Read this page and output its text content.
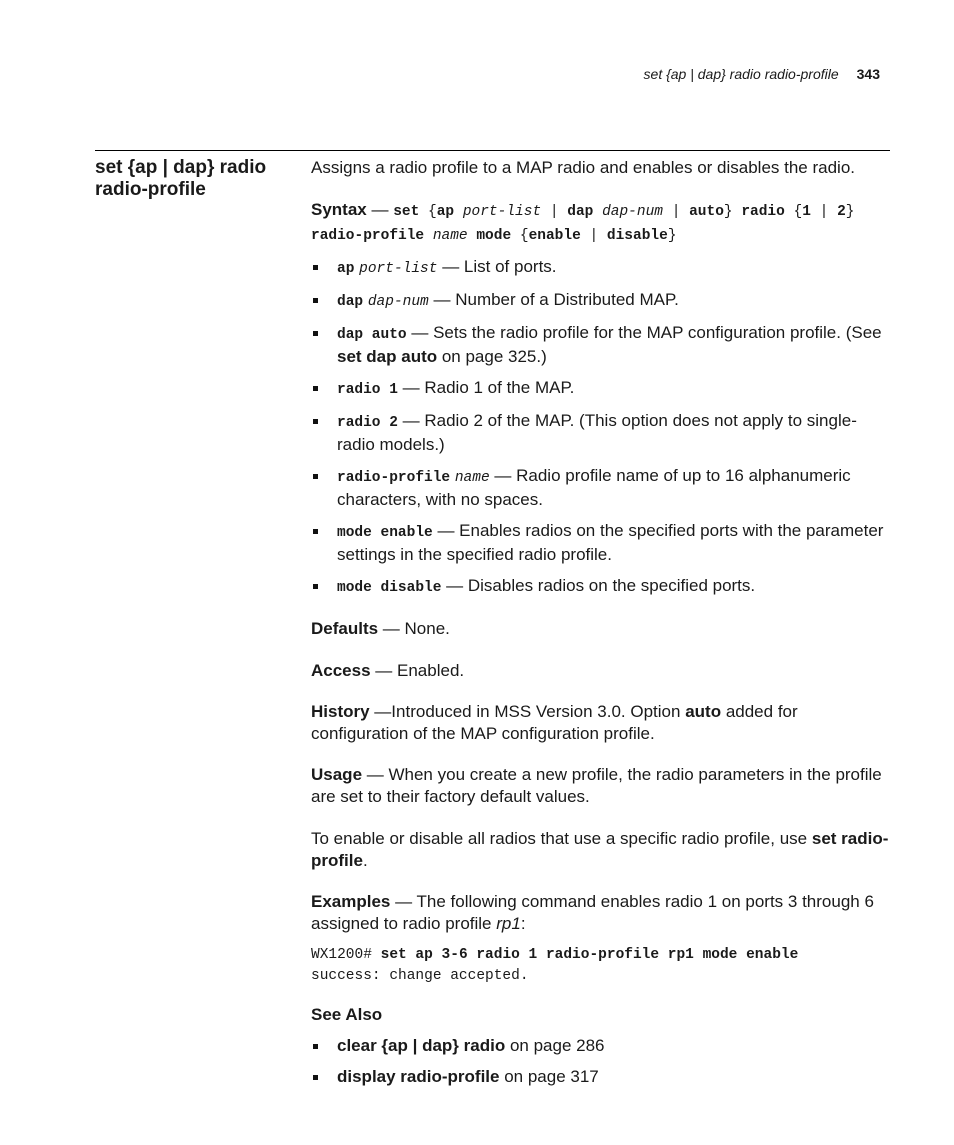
set {ap | dap} radio radio-profile 343
set {ap | dap} radio radio-profile

Assigns a radio profile to a MAP radio and enables or disables the radio.

Syntax — set {ap port-list | dap dap-num | auto} radio {1 | 2} radio-profile name mode {enable | disable}

ap port-list — List of ports.
dap dap-num — Number of a Distributed MAP.
dap auto — Sets the radio profile for the MAP configuration profile. (See set dap auto on page 325.)
radio 1 — Radio 1 of the MAP.
radio 2 — Radio 2 of the MAP. (This option does not apply to single-radio models.)
radio-profile name — Radio profile name of up to 16 alphanumeric characters, with no spaces.
mode enable — Enables radios on the specified ports with the parameter settings in the specified radio profile.
mode disable — Disables radios on the specified ports.

Defaults — None.

Access — Enabled.

History —Introduced in MSS Version 3.0. Option auto added for configuration of the MAP configuration profile.

Usage — When you create a new profile, the radio parameters in the profile are set to their factory default values.

To enable or disable all radios that use a specific radio profile, use set radio-profile.

Examples — The following command enables radio 1 on ports 3 through 6 assigned to radio profile rp1:

WX1200# set ap 3-6 radio 1 radio-profile rp1 mode enable
success: change accepted.

See Also

clear {ap | dap} radio on page 286
display radio-profile on page 317
